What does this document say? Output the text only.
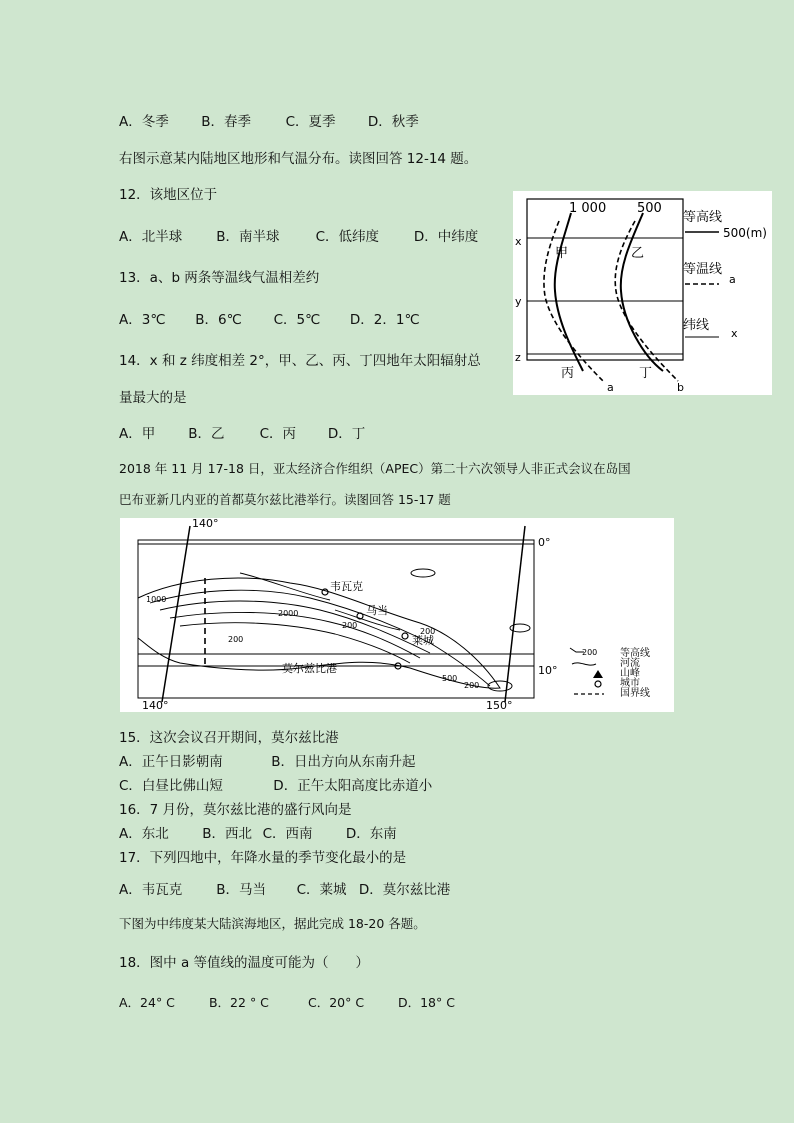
A．冬季 B．春季	C．夏季 D．秋季
右图示意某内陆地区地形和气温分布。读图回答 12-14 题。
12．该地区位于
A．北半球	B．南半球	C．低纬度	D．中纬度
13．a、b 两条等温线气温相差约
A．3℃ B．6℃ C．5℃ D．2．1℃
14．x 和 z 纬度相差 2°，甲、乙、丙、丁四地年太阳辐射总
量最大的是
A．甲 B．乙	C．丙 D．丁
1 000 500
x
y
z
甲	乙
丙	丁
a	b
等高线
500(m)
等温线
a
纬线
x
2018 年 11 月 17-18 日，亚太经济合作组织（APEC）第二十六次领导人非正式会议在岛国
巴布亚新几内亚的首都莫尔兹比港举行。读图回答 15-17 题
140°
140°	150°
0°
10°
韦瓦克
马当
莱城
莫尔兹比港
1000
2000
200
200
200
500
200
200 等高线
河流
山峰
城市
国界线
15．这次会议召开期间，莫尔兹比港
A．正午日影朝南	B．日出方向从东南升起
C．白昼比佛山短	D．正午太阳高度比赤道小
16．7 月份，莫尔兹比港的盛行风向是
A．东北 B．西北 C．西南 D．东南
17．下列四地中，年降水量的季节变化最小的是
A．韦瓦克	B．马当 C．莱城 D．莫尔兹比港
下图为中纬度某大陆滨海地区，据此完成 18-20 各题。
18．图中 a 等值线的温度可能为（　　）
A．24° C	B．22 ° C	C．20° C	D．18° C
